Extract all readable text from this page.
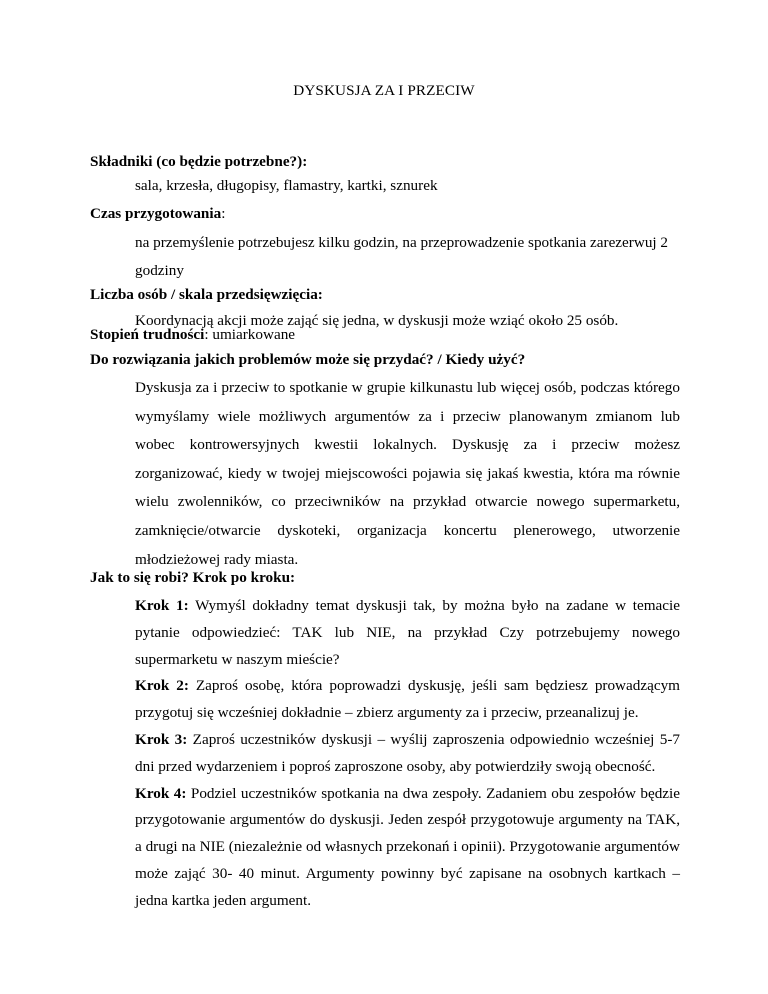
DYSKUSJA ZA I PRZECIW
Składniki (co będzie potrzebne?):
sala, krzesła, długopisy, flamastry, kartki, sznurek
Czas przygotowania:
na przemyślenie potrzebujesz kilku godzin, na przeprowadzenie spotkania zarezerwuj 2 godziny
Liczba osób / skala przedsięwzięcia:
Koordynacją akcji może zająć się jedna, w dyskusji może wziąć około 25 osób.
Stopień trudności: umiarkowane
Do rozwiązania jakich problemów może się przydać? / Kiedy użyć?
Dyskusja za i przeciw to spotkanie w grupie kilkunastu lub więcej osób, podczas którego wymyślamy wiele możliwych argumentów za i przeciw planowanym zmianom lub wobec kontrowersyjnych kwestii lokalnych. Dyskusję za i przeciw możesz zorganizować, kiedy w twojej miejscowości pojawia się jakaś kwestia, która ma równie wielu zwolenników, co przeciwników na przykład otwarcie nowego supermarketu, zamknięcie/otwarcie dyskoteki, organizacja koncertu plenerowego, utworzenie młodzieżowej rady miasta.
Jak to się robi? Krok po kroku:
Krok 1: Wymyśl dokładny temat dyskusji tak, by można było na zadane w temacie pytanie odpowiedzieć: TAK lub NIE, na przykład Czy potrzebujemy nowego supermarketu w naszym mieście?
Krok 2: Zaproś osobę, która poprowadzi dyskusję, jeśli sam będziesz prowadzącym przygotuj się wcześniej dokładnie – zbierz argumenty za i przeciw, przeanalizuj je.
Krok 3: Zaproś uczestników dyskusji – wyślij zaproszenia odpowiednio wcześniej 5-7 dni przed wydarzeniem i poproś zaproszone osoby, aby potwierdziły swoją obecność.
Krok 4: Podziel uczestników spotkania na dwa zespoły. Zadaniem obu zespołów będzie przygotowanie argumentów do dyskusji. Jeden zespół przygotowuje argumenty na TAK, a drugi na NIE (niezależnie od własnych przekonań i opinii). Przygotowanie argumentów może zająć 30- 40 minut. Argumenty powinny być zapisane na osobnych kartkach – jedna kartka jeden argument.
